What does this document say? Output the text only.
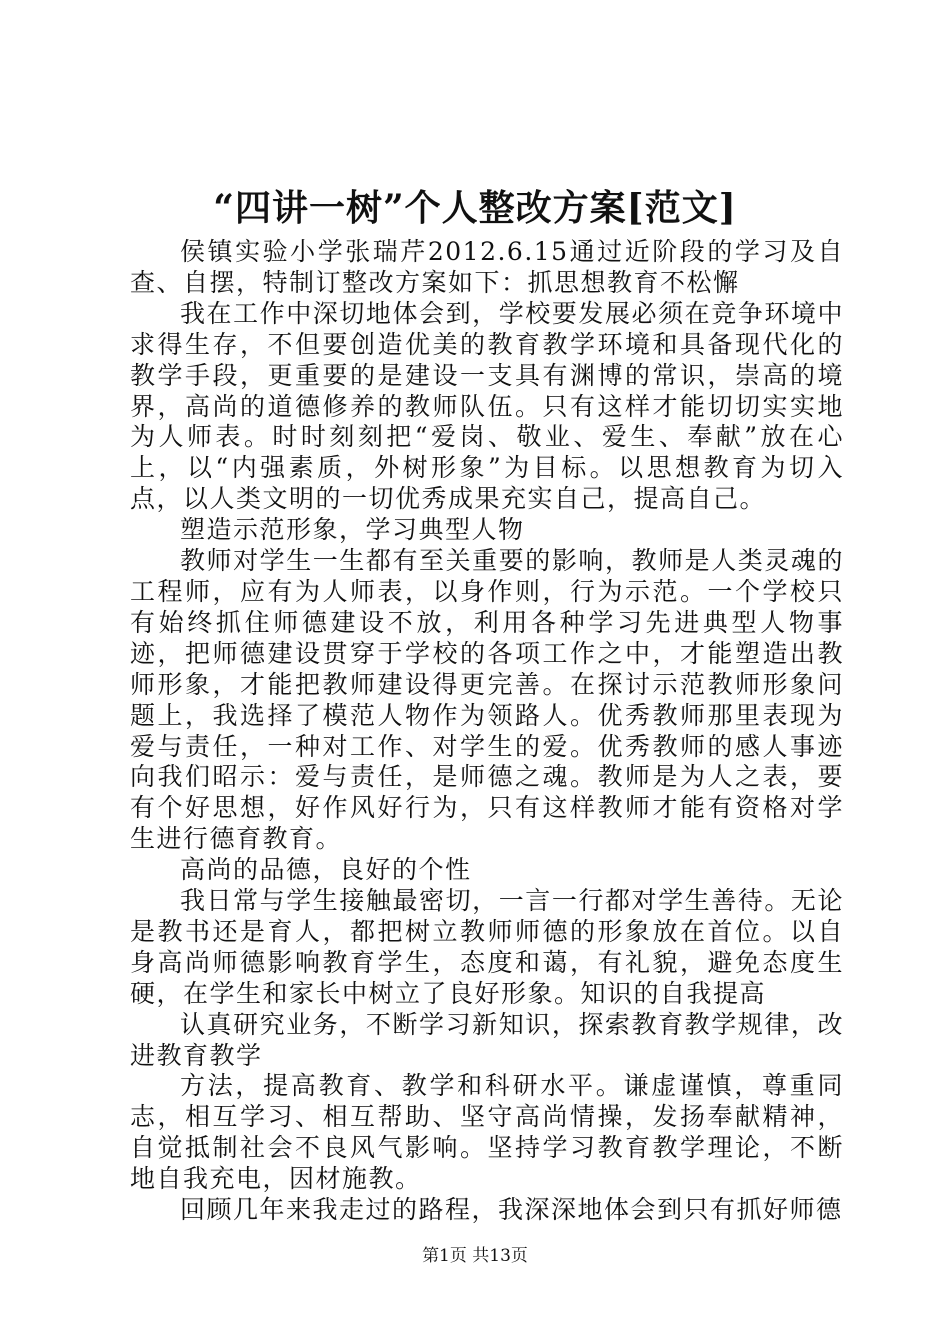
“四讲一树”个人整改方案[范文]

侯镇实验小学张瑞芹2012.6.15通过近阶段的学习及自查、自摆，特制订整改方案如下：抓思想教育不松懈

我在工作中深切地体会到，学校要发展必须在竞争环境中求得生存，不但要创造优美的教育教学环境和具备现代化的教学手段，更重要的是建设一支具有渊博的常识，崇高的境界，高尚的道德修养的教师队伍。只有这样才能切切实实地为人师表。时时刻刻把“爱岗、敬业、爱生、奉献”放在心上，以“内强素质，外树形象”为目标。以思想教育为切入点，以人类文明的一切优秀成果充实自己，提高自己。

塑造示范形象，学习典型人物

教师对学生一生都有至关重要的影响，教师是人类灵魂的工程师，应有为人师表，以身作则，行为示范。一个学校只有始终抓住师德建设不放，利用各种学习先进典型人物事迹，把师德建设贯穿于学校的各项工作之中，才能塑造出教师形象，才能把教师建设得更完善。在探讨示范教师形象问题上，我选择了模范人物作为领路人。优秀教师那里表现为爱与责任，一种对工作、对学生的爱。优秀教师的感人事迹向我们昭示：爱与责任，是师德之魂。教师是为人之表，要有个好思想，好作风好行为，只有这样教师才能有资格对学生进行德育教育。

高尚的品德，良好的个性

我日常与学生接触最密切，一言一行都对学生善待。无论是教书还是育人，都把树立教师师德的形象放在首位。以自身高尚师德影响教育学生，态度和蔼，有礼貌，避免态度生硬，在学生和家长中树立了良好形象。知识的自我提高

认真研究业务，不断学习新知识，探索教育教学规律，改进教育教学

方法，提高教育、教学和科研水平。谦虚谨慎，尊重同志，相互学习、相互帮助、坚守高尚情操，发扬奉献精神，自觉抵制社会不良风气影响。坚持学习教育教学理论，不断地自我充电，因材施教。

回顾几年来我走过的路程，我深深地体会到只有抓好师德

第1页 共13页
